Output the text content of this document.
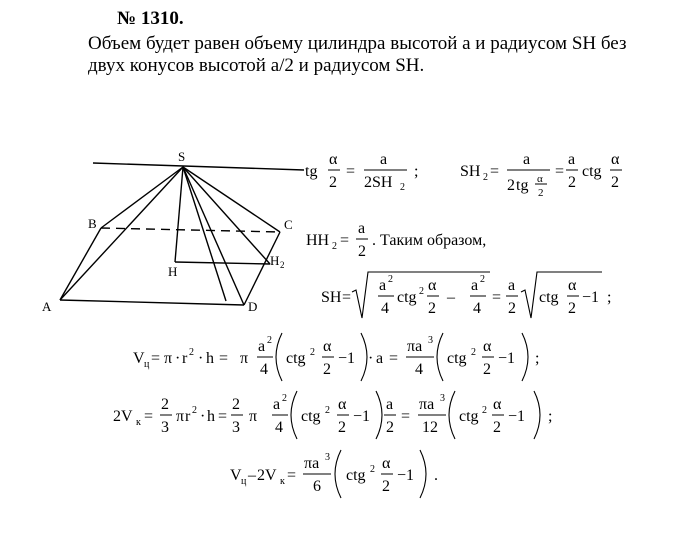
№ 1310.
Объем будет равен объему цилиндра высотой a и радиусом SH без
двух конусов высотой a/2 и радиусом SH.
S
B	C
H
H 2
A	D
tg
α
2
=
a
2SH 2
;	SH 2 =
a
2 tg α
2
=
a
2
ctg
α
2
HH 2 =
a
2
. Таким образом,
SH =
a 2
4
ctg 2 α
2
–
a 2
4
=
a
2
ctg
α
2
−1 ;
V ц = π · r 2 · h = π
a 2
4
ctg 2 α
2
−1 · a =
πa 3
4
ctg 2 α
2
−1 ;
2V к =
2
3
π r 2 · h =
2
3
π
a 2
4
ctg 2 α
2
−1
a
2
=
πa 3
12
ctg 2 α
2
−1 ;
V ц – 2V к =
πa 3
6
ctg 2 α
2
−1 .
